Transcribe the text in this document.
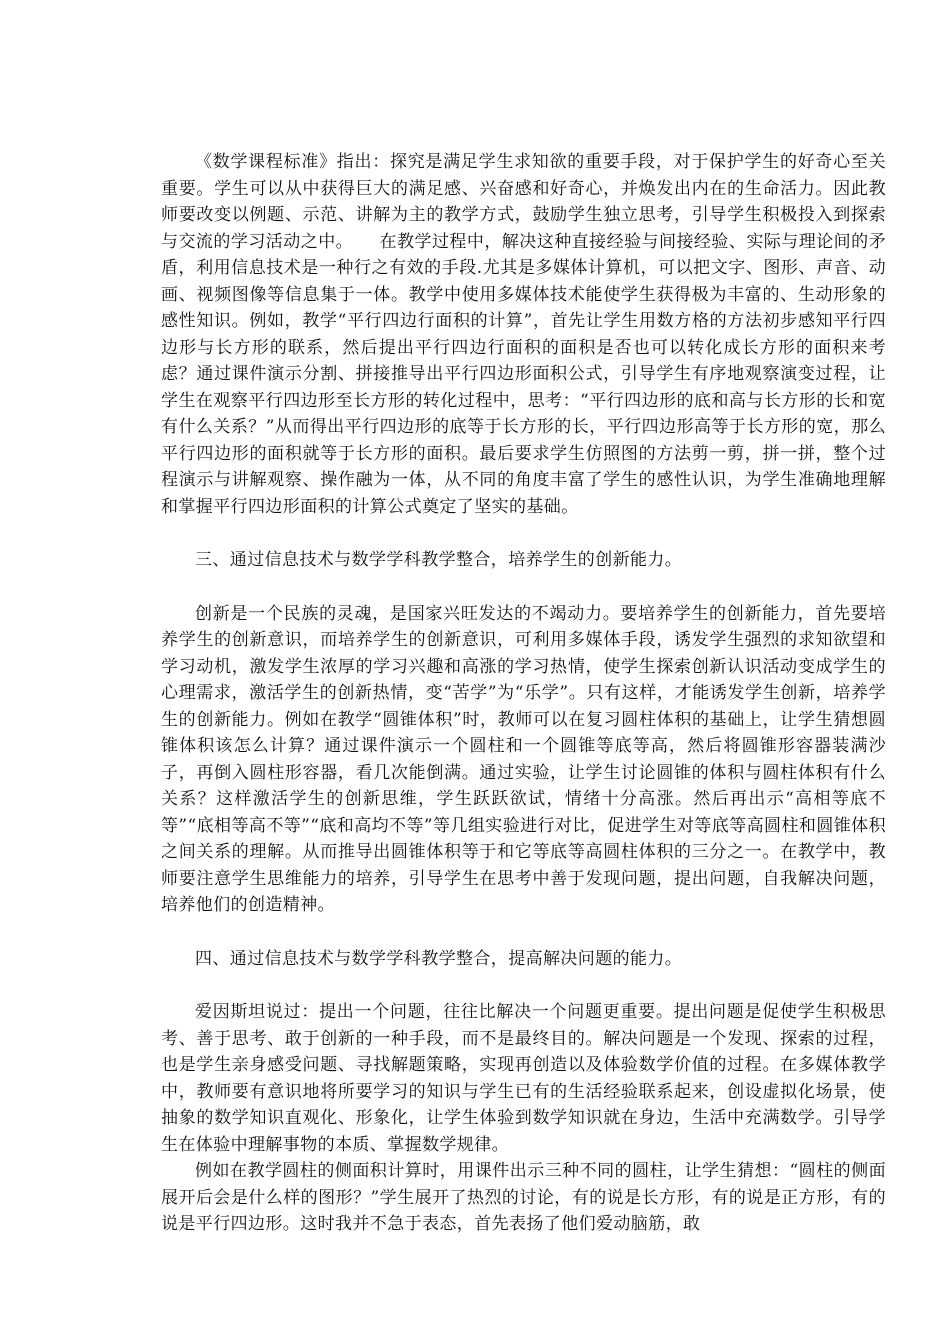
《数学课程标准》指出：探究是满足学生求知欲的重要手段，对于保护学生的好奇心至关重要。学生可以从中获得巨大的满足感、兴奋感和好奇心，并焕发出内在的生命活力。因此教师要改变以例题、示范、讲解为主的教学方式，鼓励学生独立思考，引导学生积极投入到探索与交流的学习活动之中。　　在教学过程中，解决这种直接经验与间接经验、实际与理论间的矛盾，利用信息技术是一种行之有效的手段.尤其是多媒体计算机，可以把文字、图形、声音、动画、视频图像等信息集于一体。教学中使用多媒体技术能使学生获得极为丰富的、生动形象的感性知识。例如，教学“平行四边行面积的计算”，首先让学生用数方格的方法初步感知平行四边形与长方形的联系，然后提出平行四边行面积的面积是否也可以转化成长方形的面积来考虑？通过课件演示分割、拼接推导出平行四边形面积公式，引导学生有序地观察演变过程，让学生在观察平行四边形至长方形的转化过程中，思考：“平行四边形的底和高与长方形的长和宽有什么关系？”从而得出平行四边形的底等于长方形的长，平行四边形高等于长方形的宽，那么平行四边形的面积就等于长方形的面积。最后要求学生仿照图的方法剪一剪，拼一拼，整个过程演示与讲解观察、操作融为一体，从不同的角度丰富了学生的感性认识，为学生准确地理解和掌握平行四边形面积的计算公式奠定了坚实的基础。

三、通过信息技术与数学学科教学整合，培养学生的创新能力。

创新是一个民族的灵魂，是国家兴旺发达的不竭动力。要培养学生的创新能力，首先要培养学生的创新意识，而培养学生的创新意识，可利用多媒体手段，诱发学生强烈的求知欲望和学习动机，激发学生浓厚的学习兴趣和高涨的学习热情，使学生探索创新认识活动变成学生的心理需求，激活学生的创新热情，变“苦学”为“乐学”。只有这样，才能诱发学生创新，培养学生的创新能力。例如在教学“圆锥体积”时，教师可以在复习圆柱体积的基础上，让学生猜想圆锥体积该怎么计算？通过课件演示一个圆柱和一个圆锥等底等高，然后将圆锥形容器装满沙子，再倒入圆柱形容器，看几次能倒满。通过实验，让学生讨论圆锥的体积与圆柱体积有什么关系？这样激活学生的创新思维，学生跃跃欲试，情绪十分高涨。然后再出示“高相等底不等”“底相等高不等”“底和高均不等”等几组实验进行对比，促进学生对等底等高圆柱和圆锥体积之间关系的理解。从而推导出圆锥体积等于和它等底等高圆柱体积的三分之一。在教学中，教师要注意学生思维能力的培养，引导学生在思考中善于发现问题，提出问题，自我解决问题，培养他们的创造精神。

四、通过信息技术与数学学科教学整合，提高解决问题的能力。

爱因斯坦说过：提出一个问题，往往比解决一个问题更重要。提出问题是促使学生积极思考、善于思考、敢于创新的一种手段，而不是最终目的。解决问题是一个发现、探索的过程，也是学生亲身感受问题、寻找解题策略，实现再创造以及体验数学价值的过程。在多媒体教学中，教师要有意识地将所要学习的知识与学生已有的生活经验联系起来，创设虚拟化场景，使抽象的数学知识直观化、形象化，让学生体验到数学知识就在身边，生活中充满数学。引导学生在体验中理解事物的本质、掌握数学规律。

例如在教学圆柱的侧面积计算时，用课件出示三种不同的圆柱，让学生猜想：“圆柱的侧面展开后会是什么样的图形？”学生展开了热烈的讨论，有的说是长方形，有的说是正方形，有的说是平行四边形。这时我并不急于表态，首先表扬了他们爱动脑筋，敢
